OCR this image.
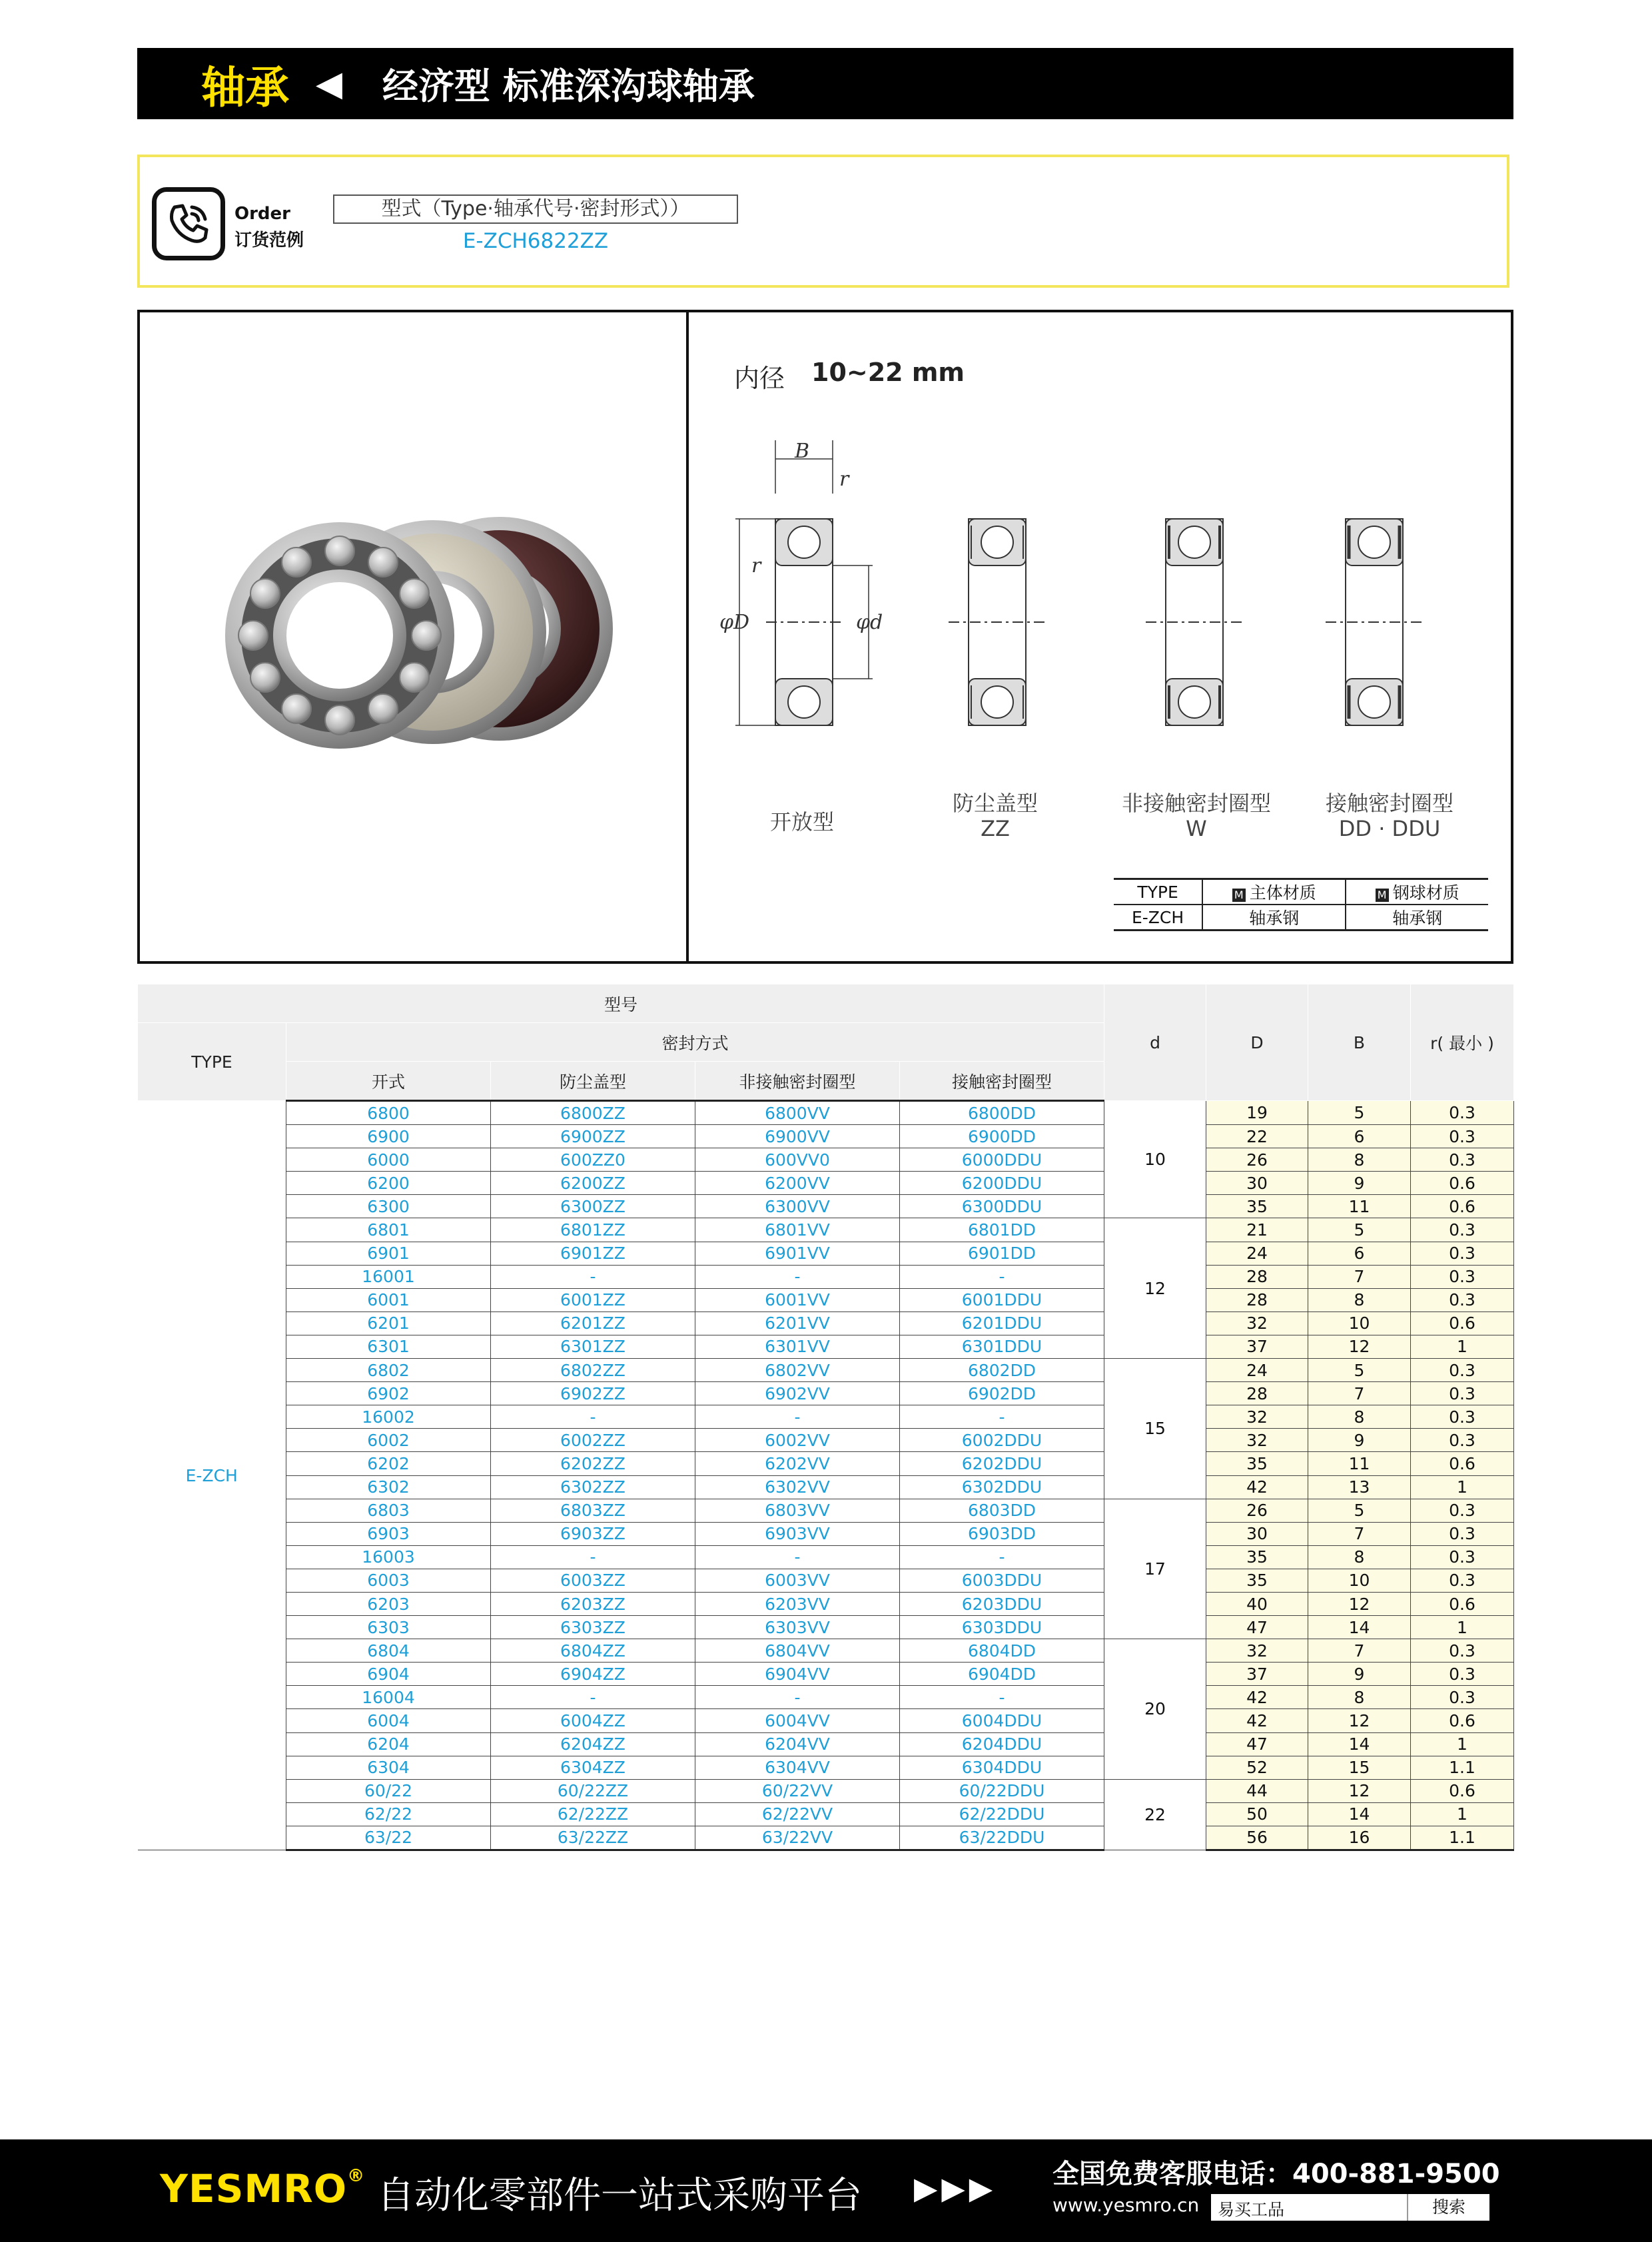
轴承 ◀ 经济型 标准深沟球轴承
Order
订货范例
型式（Type·轴承代号·密封形式））
E-ZCH6822ZZ
内径 10~22 mm
B
r
r
φD	φd
开放型
防尘盖型
ZZ
非接触密封圈型
W
接触密封圈型
DD · DDU
TYPE	M 主体材质	M 钢球材质
E-ZCH	轴承钢	轴承钢
型号					d	D	B	r( 最小 )
TYPE	密封方式							
	开式	防尘盖型	非接触密封圈型	接触密封圈型				
E-ZCH	6800	6800ZZ	6800VV	6800DD	10	19	5	0.3
	6900	6900ZZ	6900VV	6900DD		22	6	0.3
	6000	600ZZ0	600VV0	6000DDU		26	8	0.3
	6200	6200ZZ	6200VV	6200DDU		30	9	0.6
	6300	6300ZZ	6300VV	6300DDU		35	11	0.6
	6801	6801ZZ	6801VV	6801DD	12	21	5	0.3
	6901	6901ZZ	6901VV	6901DD		24	6	0.3
	16001	-	-	-		28	7	0.3
	6001	6001ZZ	6001VV	6001DDU		28	8	0.3
	6201	6201ZZ	6201VV	6201DDU		32	10	0.6
	6301	6301ZZ	6301VV	6301DDU		37	12	1
	6802	6802ZZ	6802VV	6802DD	15	24	5	0.3
	6902	6902ZZ	6902VV	6902DD		28	7	0.3
	16002	-	-	-		32	8	0.3
	6002	6002ZZ	6002VV	6002DDU		32	9	0.3
	6202	6202ZZ	6202VV	6202DDU		35	11	0.6
	6302	6302ZZ	6302VV	6302DDU		42	13	1
	6803	6803ZZ	6803VV	6803DD	17	26	5	0.3
	6903	6903ZZ	6903VV	6903DD		30	7	0.3
	16003	-	-	-		35	8	0.3
	6003	6003ZZ	6003VV	6003DDU		35	10	0.3
	6203	6203ZZ	6203VV	6203DDU		40	12	0.6
	6303	6303ZZ	6303VV	6303DDU		47	14	1
	6804	6804ZZ	6804VV	6804DD	20	32	7	0.3
	6904	6904ZZ	6904VV	6904DD		37	9	0.3
	16004	-	-	-		42	8	0.3
	6004	6004ZZ	6004VV	6004DDU		42	12	0.6
	6204	6204ZZ	6204VV	6204DDU		47	14	1
	6304	6304ZZ	6304VV	6304DDU		52	15	1.1
	60/22	60/22ZZ	60/22VV	60/22DDU	22	44	12	0.6
	62/22	62/22ZZ	62/22VV	62/22DDU		50	14	1
	63/22	63/22ZZ	63/22VV	63/22DDU		56	16	1.1
YESMRO® 自动化零部件一站式采购平台 ▶▶▶ 全国免费客服电话：400-881-9500
www.yesmro.cn 易买工品	搜索
